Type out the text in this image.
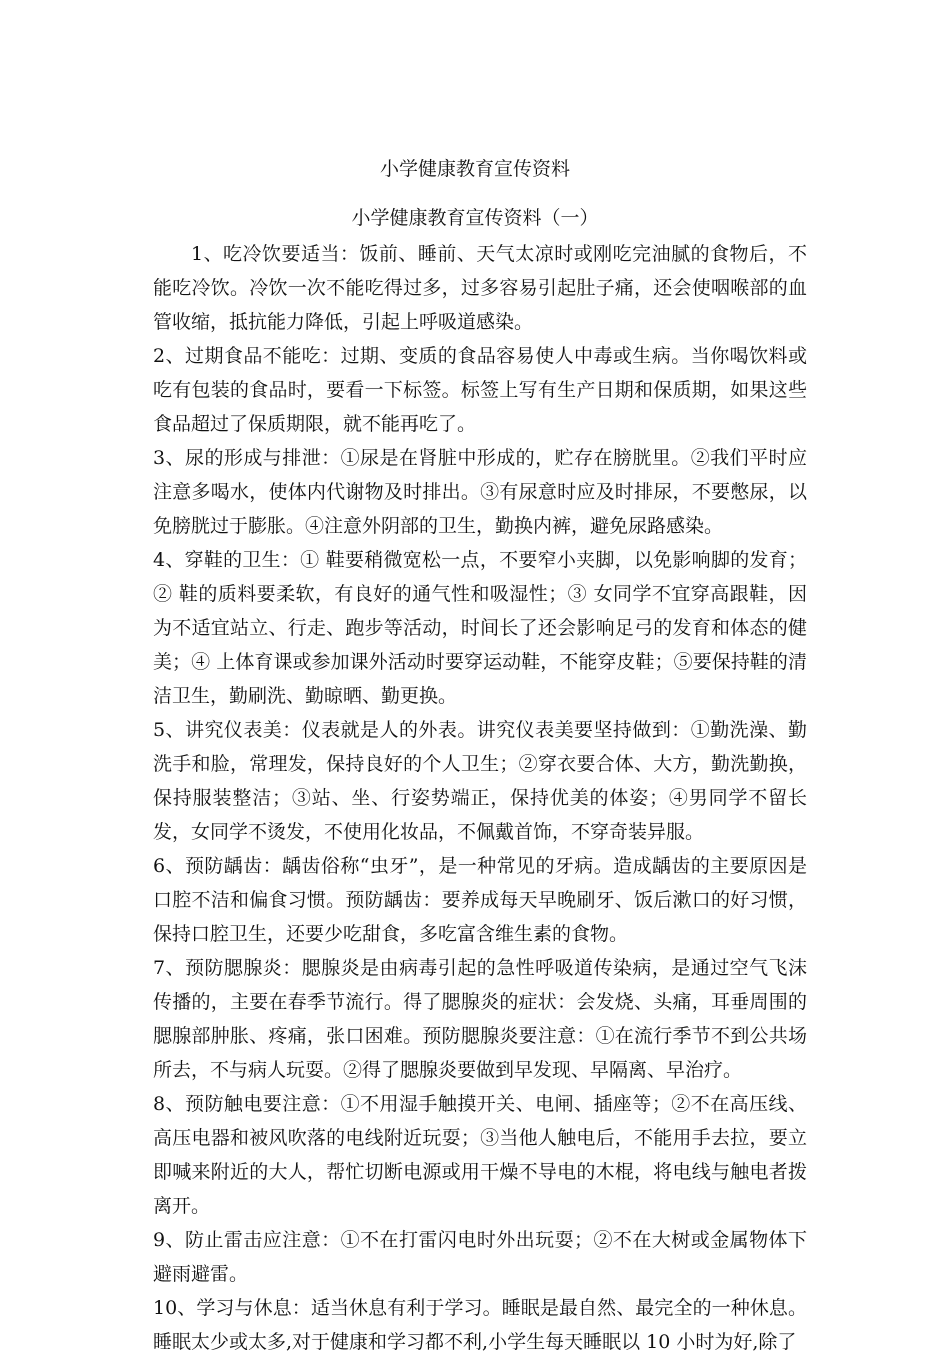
小学健康教育宣传资料
小学健康教育宣传资料（一）

1、吃冷饮要适当：饭前、睡前、天气太凉时或刚吃完油腻的食物后，不能吃冷饮。冷饮一次不能吃得过多，过多容易引起肚子痛，还会使咽喉部的血管收缩，抵抗能力降低，引起上呼吸道感染。

2、过期食品不能吃：过期、变质的食品容易使人中毒或生病。当你喝饮料或吃有包装的食品时，要看一下标签。标签上写有生产日期和保质期，如果这些食品超过了保质期限，就不能再吃了。

3、尿的形成与排泄：①尿是在肾脏中形成的，贮存在膀胱里。②我们平时应注意多喝水，使体内代谢物及时排出。③有尿意时应及时排尿，不要憋尿，以免膀胱过于膨胀。④注意外阴部的卫生，勤换内裤，避免尿路感染。

4、穿鞋的卫生：① 鞋要稍微宽松一点，不要窄小夹脚，以免影响脚的发育；② 鞋的质料要柔软，有良好的通气性和吸湿性；③ 女同学不宜穿高跟鞋，因为不适宜站立、行走、跑步等活动，时间长了还会影响足弓的发育和体态的健美；④ 上体育课或参加课外活动时要穿运动鞋，不能穿皮鞋；⑤要保持鞋的清洁卫生，勤刷洗、勤晾晒、勤更换。

5、讲究仪表美：仪表就是人的外表。讲究仪表美要坚持做到：①勤洗澡、勤洗手和脸，常理发，保持良好的个人卫生；②穿衣要合体、大方，勤洗勤换，保持服装整洁；③站、坐、行姿势端正，保持优美的体姿；④男同学不留长发，女同学不烫发，不使用化妆品，不佩戴首饰，不穿奇装异服。

6、预防龋齿：龋齿俗称“虫牙”，是一种常见的牙病。造成龋齿的主要原因是口腔不洁和偏食习惯。预防龋齿：要养成每天早晚刷牙、饭后漱口的好习惯，保持口腔卫生，还要少吃甜食，多吃富含维生素的食物。

7、预防腮腺炎：腮腺炎是由病毒引起的急性呼吸道传染病，是通过空气飞沫传播的，主要在春季节流行。得了腮腺炎的症状：会发烧、头痛，耳垂周围的腮腺部肿胀、疼痛，张口困难。预防腮腺炎要注意：①在流行季节不到公共场所去，不与病人玩耍。②得了腮腺炎要做到早发现、早隔离、早治疗。

8、预防触电要注意：①不用湿手触摸开关、电闸、插座等；②不在高压线、高压电器和被风吹落的电线附近玩耍；③当他人触电后，不能用手去拉，要立即喊来附近的大人，帮忙切断电源或用干燥不导电的木棍，将电线与触电者拨离开。

9、防止雷击应注意：①不在打雷闪电时外出玩耍；②不在大树或金属物体下避雨避雷。

10、学习与休息：适当休息有利于学习。睡眠是最自然、最完全的一种休息。睡眠太少或太多,对于健康和学习都不利,小学生每天睡眠以 10 小时为好,除了
